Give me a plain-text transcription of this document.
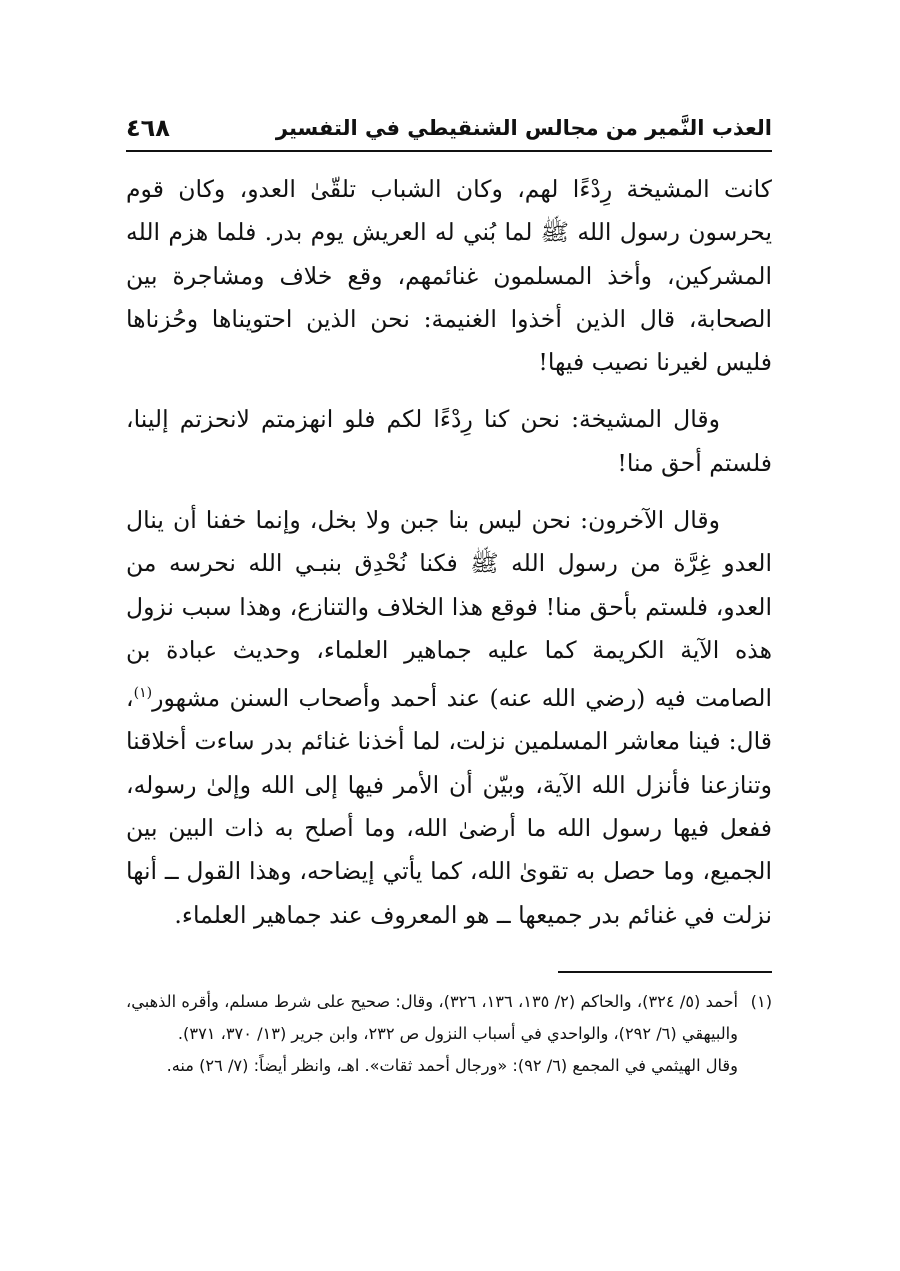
٤٦٨	العذب النَّمير من مجالس الشنقيطي في التفسير

كانت المشيخة رِدْءًا لهم، وكان الشباب تلقّىٰ العدو، وكان قوم يحرسون رسول الله ﷺ لما بُني له العريش يوم بدر. فلما هزم الله المشركين، وأخذ المسلمون غنائمهم، وقع خلاف ومشاجرة بين الصحابة، قال الذين أخذوا الغنيمة: نحن الذين احتويناها وحُزناها فليس لغيرنا نصيب فيها!

وقال المشيخة: نحن كنا رِدْءًا لكم فلو انهزمتم لانحزتم إلينا، فلستم أحق منا!

وقال الآخرون: نحن ليس بنا جبن ولا بخل، وإنما خفنا أن ينال العدو غِرَّة من رسول الله ﷺ فكنا نُحْدِق بنبـي الله نحرسه من العدو، فلستم بأحق منا! فوقع هذا الخلاف والتنازع، وهذا سبب نزول هذه الآية الكريمة كما عليه جماهير العلماء، وحديث عبادة بن الصامت فيه (رضي الله عنه) عند أحمد وأصحاب السنن مشهور$^{(١)}$، قال: فينا معاشر المسلمين نزلت، لما أخذنا غنائم بدر ساءت أخلاقنا وتنازعنا فأنزل الله الآية، وبيّن أن الأمر فيها إلى الله وإلىٰ رسوله، ففعل فيها رسول الله ما أرضىٰ الله، وما أصلح به ذات البين بين الجميع، وما حصل به تقوىٰ الله، كما يأتي إيضاحه، وهذا القول ــ أنها نزلت في غنائم بدر جميعها ــ هو المعروف عند جماهير العلماء.

(١)أحمد (٥/ ٣٢٤)، والحاكم (٢/ ١٣٥، ١٣٦، ٣٢٦)، وقال: صحيح على شرط مسلم، وأقره الذهبي، والبيهقي (٦/ ٢٩٢)، والواحدي في أسباب النزول ص ٢٣٢، وابن جرير (١٣/ ٣٧٠، ٣٧١).

وقال الهيثمي في المجمع (٦/ ٩٢): «ورجال أحمد ثقات». اهـ، وانظر أيضاً: (٧/ ٢٦) منه.
